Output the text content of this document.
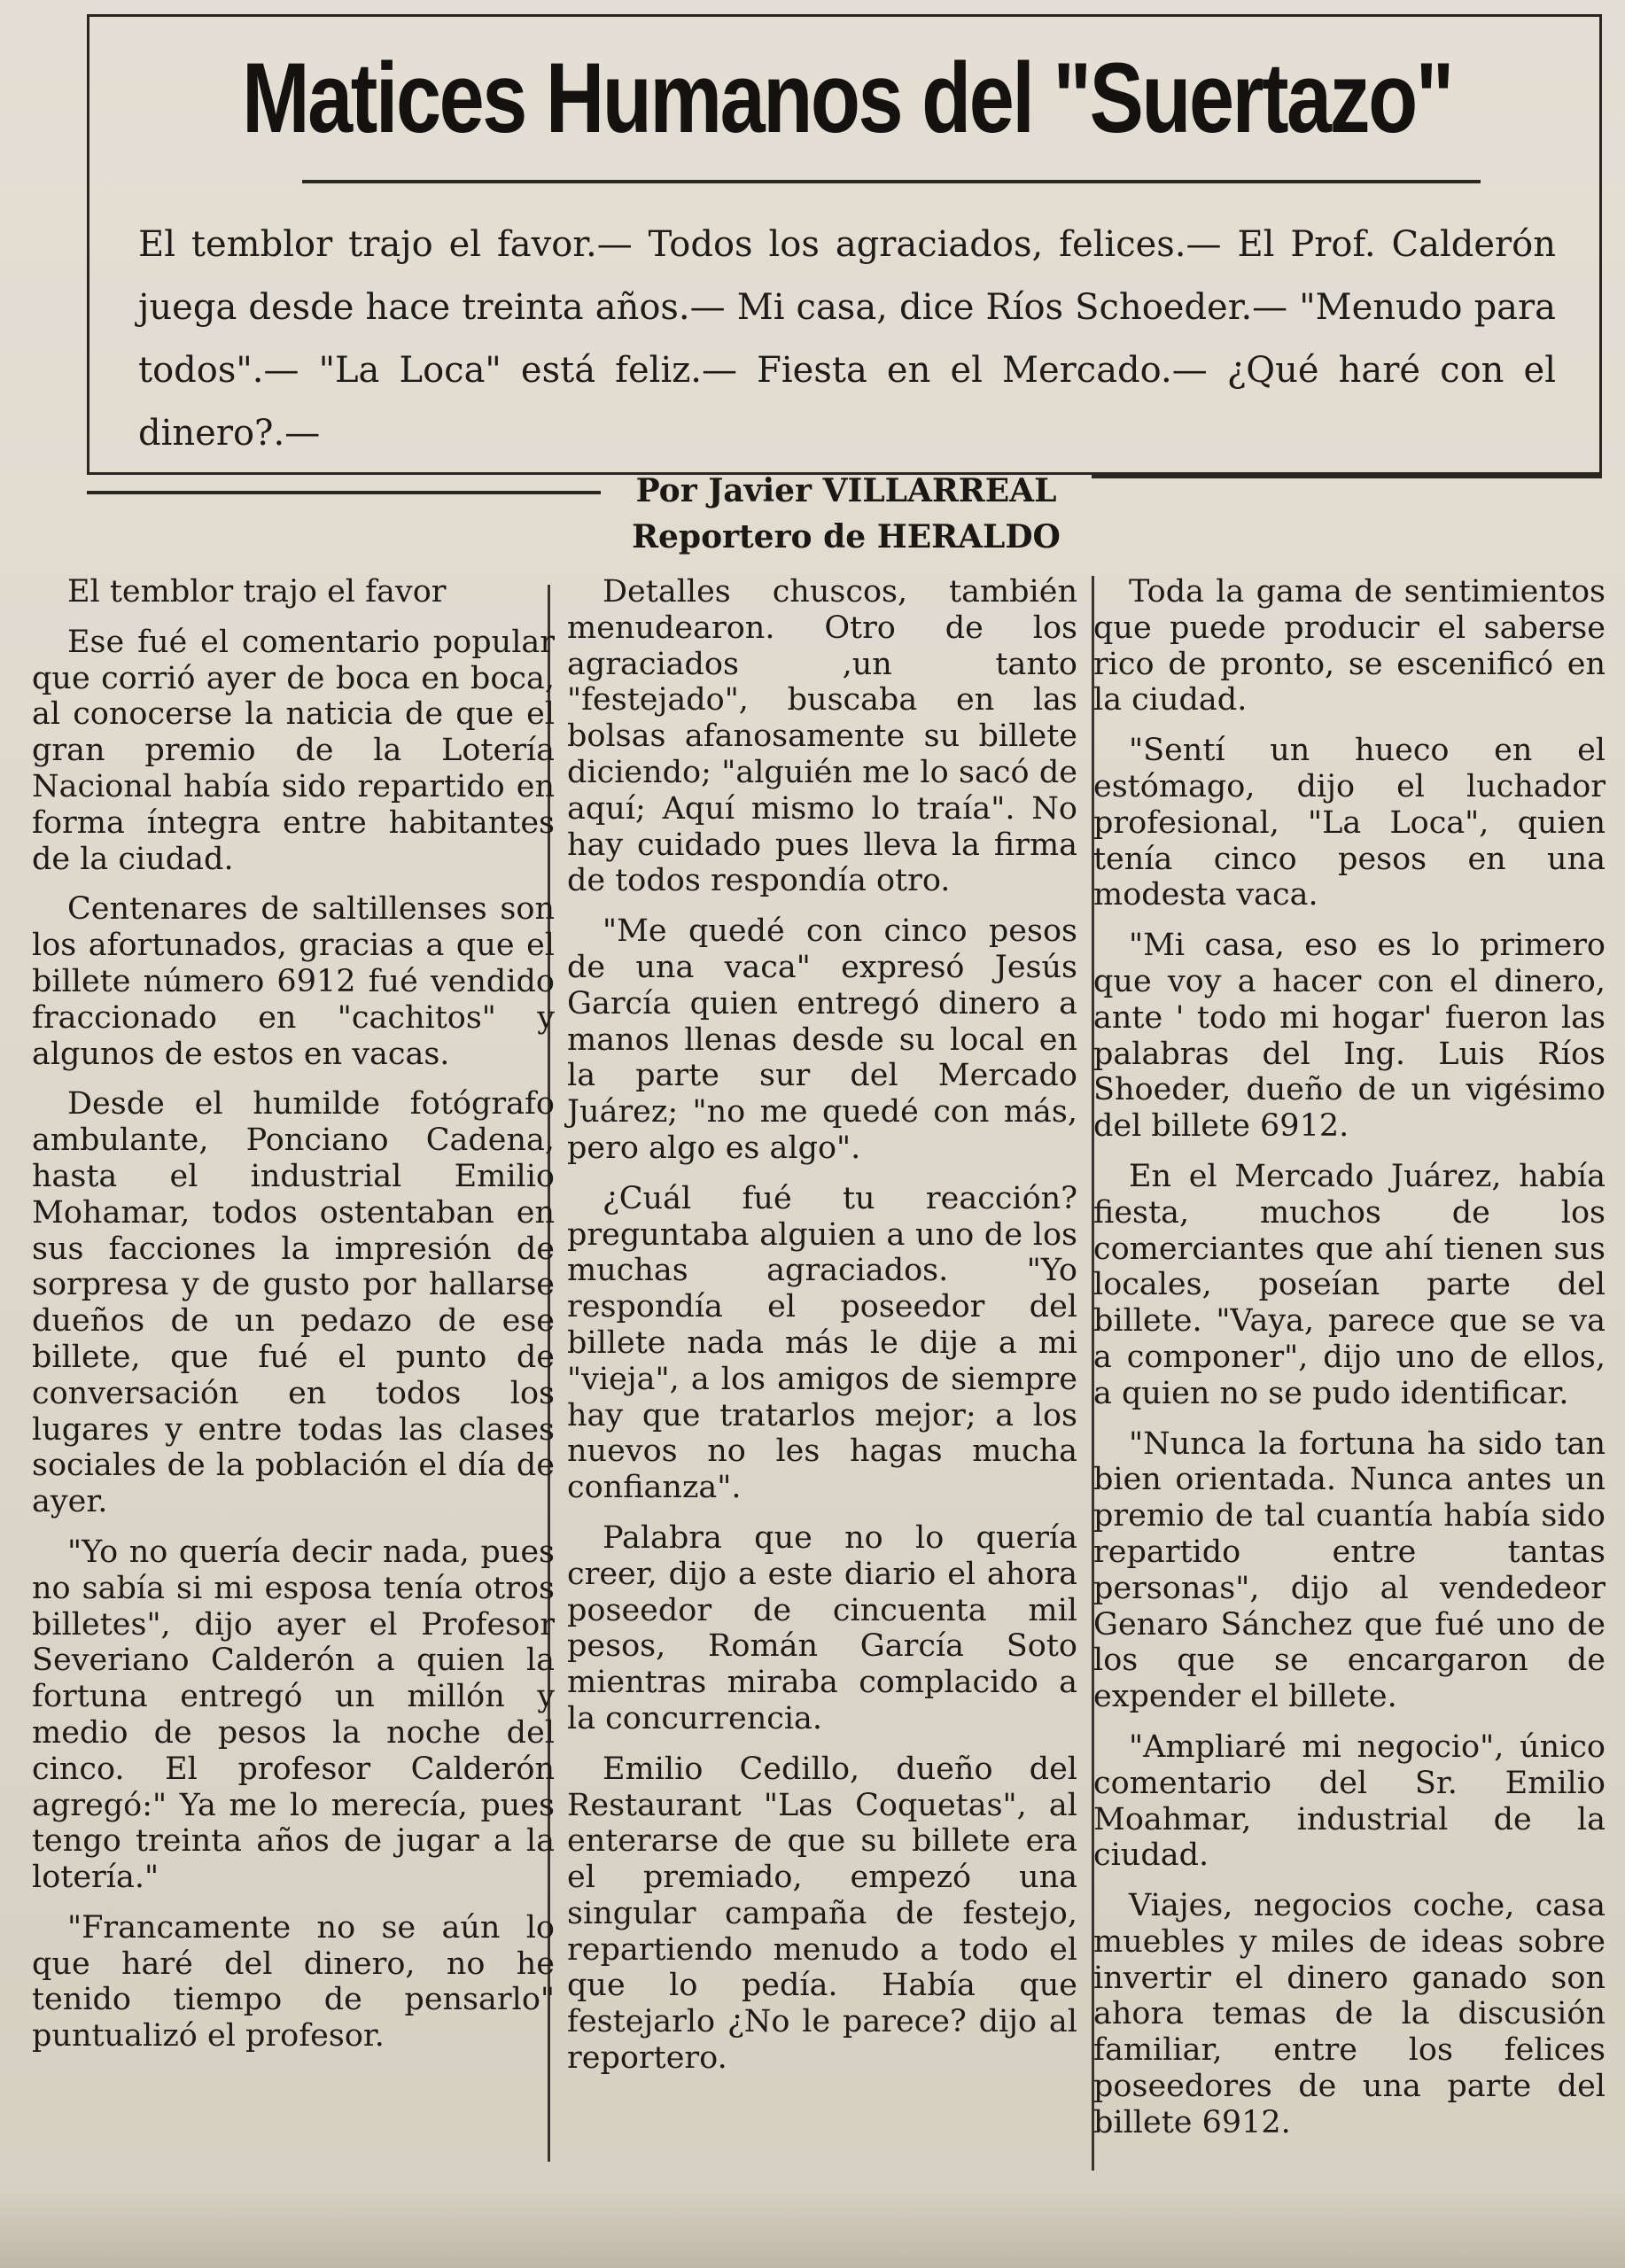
Matices Humanos del "Suertazo"
El temblor trajo el favor.— Todos los agraciados, felices.— El Prof. Calderón juega desde hace treinta años.— Mi casa, dice Ríos Schoeder.— "Menudo para todos".— "La Loca" está feliz.— Fiesta en el Mercado.— ¿Qué haré con el dinero?.—
Por Javier VILLARREAL
Reportero de HERALDO

El temblor trajo el favor

Ese fué el comentario popular que corrió ayer de boca en boca, al conocerse la naticia de que el gran premio de la Lotería Nacional había sido repartido en forma íntegra entre habitantes de la ciudad.

Centenares de saltillenses son los afortunados, gracias a que el billete número 6912 fué vendido fraccionado en "cachitos" y algunos de estos en vacas.

Desde el humilde fotógrafo ambulante, Ponciano Cadena, hasta el industrial Emilio Mohamar, todos ostentaban en sus facciones la impresión de sorpresa y de gusto por hallarse dueños de un pedazo de ese billete, que fué el punto de conversación en todos los lugares y entre todas las clases sociales de la población el día de ayer.

"Yo no quería decir nada, pues no sabía si mi esposa tenía otros billetes", dijo ayer el Profesor Severiano Calderón a quien la fortuna entregó un millón y medio de pesos la noche del cinco. El profesor Calderón agregó:" Ya me lo merecía, pues tengo treinta años de jugar a la lotería."

"Francamente no se aún lo que haré del dinero, no he tenido tiempo de pensarlo" puntualizó el profesor.

Detalles chuscos, también menudearon. Otro de los agraciados ,un tanto "festejado", buscaba en las bolsas afanosamente su billete diciendo; "alguién me lo sacó de aquí; Aquí mismo lo traía". No hay cuidado pues lleva la firma de todos respondía otro.

"Me quedé con cinco pesos de una vaca" expresó Jesús García quien entregó dinero a manos llenas desde su local en la parte sur del Mercado Juárez; "no me quedé con más, pero algo es algo".

¿Cuál fué tu reacción? preguntaba alguien a uno de los muchas agraciados. "Yo respondía el poseedor del billete nada más le dije a mi "vieja", a los amigos de siempre hay que tratarlos mejor; a los nuevos no les hagas mucha confianza".

Palabra que no lo quería creer, dijo a este diario el ahora poseedor de cincuenta mil pesos, Román García Soto mientras miraba complacido a la concurrencia.

Emilio Cedillo, dueño del Restaurant "Las Coquetas", al enterarse de que su billete era el premiado, empezó una singular campaña de festejo, repartiendo menudo a todo el que lo pedía. Había que festejarlo ¿No le parece? dijo al reportero.

Toda la gama de sentimientos que puede producir el saberse rico de pronto, se escenificó en la ciudad.

"Sentí un hueco en el estómago, dijo el luchador profesional, "La Loca", quien tenía cinco pesos en una modesta vaca.

"Mi casa, eso es lo primero que voy a hacer con el dinero, ante ' todo mi hogar' fueron las palabras del Ing. Luis Ríos Shoeder, dueño de un vigésimo del billete 6912.

En el Mercado Juárez, había fiesta, muchos de los comerciantes que ahí tienen sus locales, poseían parte del billete. "Vaya, parece que se va a componer", dijo uno de ellos, a quien no se pudo identificar.

"Nunca la fortuna ha sido tan bien orientada. Nunca antes un premio de tal cuantía había sido repartido entre tantas personas", dijo al vendedeor Genaro Sánchez que fué uno de los que se encargaron de expender el billete.

"Ampliaré mi negocio", único comentario del Sr. Emilio Moahmar, industrial de la ciudad.

Viajes, negocios coche, casa muebles y miles de ideas sobre invertir el dinero ganado son ahora temas de la discusión familiar, entre los felices poseedores de una parte del billete 6912.
